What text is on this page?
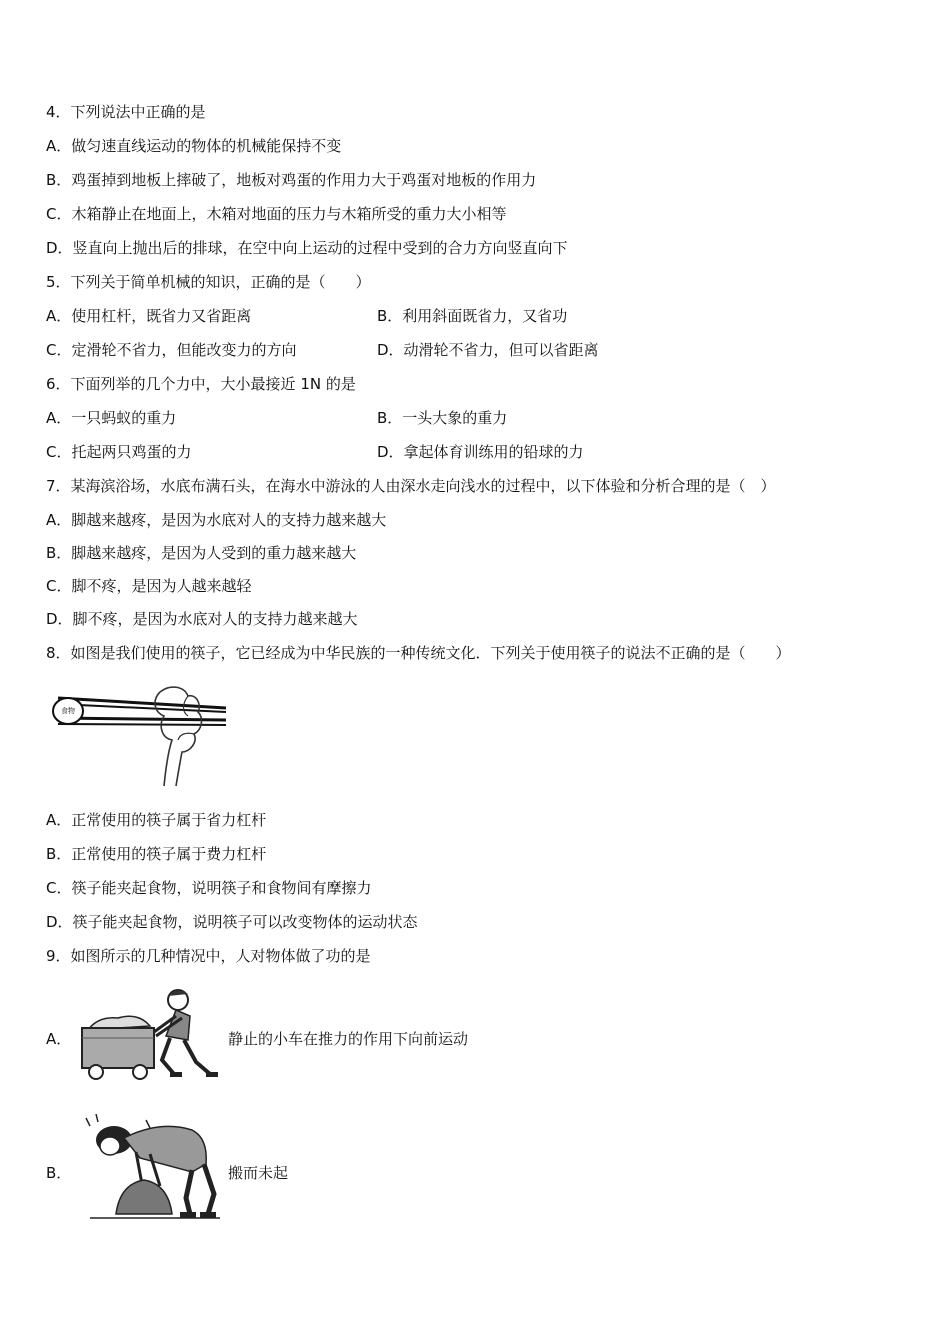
4．下列说法中正确的是
A．做匀速直线运动的物体的机械能保持不变
B．鸡蛋掉到地板上摔破了，地板对鸡蛋的作用力大于鸡蛋对地板的作用力
C．木箱静止在地面上，木箱对地面的压力与木箱所受的重力大小相等
D．竖直向上抛出后的排球，在空中向上运动的过程中受到的合力方向竖直向下
5．下列关于简单机械的知识，正确的是（　　）
A．使用杠杆，既省力又省距离	B．利用斜面既省力，又省功
C．定滑轮不省力，但能改变力的方向	D．动滑轮不省力，但可以省距离
6．下面列举的几个力中，大小最接近 1N 的是
A．一只蚂蚁的重力	B．一头大象的重力
C．托起两只鸡蛋的力	D．拿起体育训练用的铅球的力
7．某海滨浴场，水底布满石头，在海水中游泳的人由深水走向浅水的过程中，以下体验和分析合理的是（　）
A．脚越来越疼，是因为水底对人的支持力越来越大
B．脚越来越疼，是因为人受到的重力越来越大
C．脚不疼，是因为人越来越轻
D．脚不疼，是因为水底对人的支持力越来越大
8．如图是我们使用的筷子，它已经成为中华民族的一种传统文化．下列关于使用筷子的说法不正确的是（　　）
食物
A．正常使用的筷子属于省力杠杆
B．正常使用的筷子属于费力杠杆
C．筷子能夹起食物，说明筷子和食物间有摩擦力
D．筷子能夹起食物，说明筷子可以改变物体的运动状态
9．如图所示的几种情况中，人对物体做了功的是
A．	静止的小车在推力的作用下向前运动
B．	搬而未起
